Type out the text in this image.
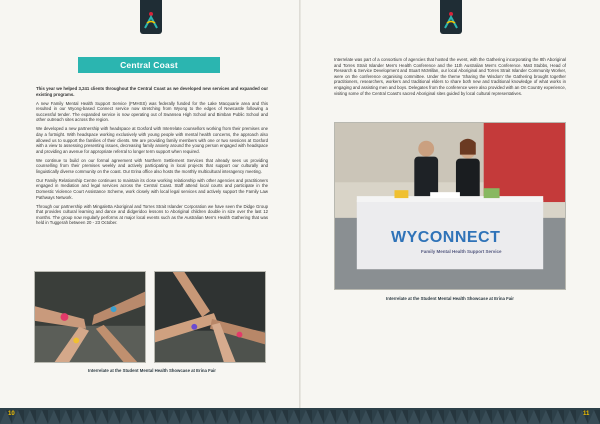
Central Coast

This year we helped 3,241 clients throughout the Central Coast as we developed new services and expanded our existing programs.

A new Family Mental Health Support Service (FMHSS) was federally funded for the Lake Macquarie area and this resulted in our Wyong-based Connect service now stretching from Wyong to the edges of Newcastle following a successful tender. The expanded service is now operating out of Swansea High School and Bimban Public School and other outreach sites across the region.

We developed a new partnership with headspace at Gosford with Interrelate counsellors working from their premises one day a fortnight. With headspace working exclusively with young people with mental health concerns, the approach also allowed us to support the families of their clients. We are providing family members with one or two sessions at Gosford with a view to assessing presenting issues, decreasing family anxiety around the young person engaged with headspace and providing an avenue for appropriate referral to longer term support when required.

We continue to build on our formal agreement with Northern Settlement Services that already sees us providing counselling from their premises weekly and actively participating in local projects that support our culturally and linguistically diverse community on the coast. Our Erina office also hosts the monthly multicultural interagency meeting.

Our Family Relationship Centre continues to maintain its close working relationship with other agencies and practitioners engaged in mediation and legal services across the Central Coast. Staff attend local courts and participate in the Domestic Violence Court Assistance Scheme, work closely with local legal services and actively support the Family Law Pathways Network.

Through our partnership with Mingaletta Aboriginal and Torres Strait Islander Corporation we have seen the Didge Group that provides cultural learning and dance and didgeridoo lessons to Aboriginal children double in size over the last 12 months. The group now regularly performs at major local events such as the Australian Men's Health Gathering that was held in Tuggerah between 20 - 23 October.

Interrelate at the Student Mental Health Showcase at Erina Fair

Interrelate was part of a consortium of agencies that hosted the event, with the Gathering incorporating the 8th Aboriginal and Torres Strait Islander Men's Health Conference and the 11th Australian Men's Conference. Matt Stubbs, Head of Research & Service Development and Stuart McMillan, our local Aboriginal and Torres Strait Islander Community Worker, were on the conference organising committee. Under the theme 'Sharing the Wisdom' the Gathering brought together practitioners, researchers, workers and traditional elders to share both new and traditional knowledge of what works in engaging and assisting men and boys. Delegates from the conference were also provided with an On Country experience, visiting some of the Central Coast's sacred Aboriginal sites guided by local cultural representatives.

WYCONNECT
Family Mental Health Support Service
Interrelate at the Student Mental Health Showcase at Erina Fair
10	11
